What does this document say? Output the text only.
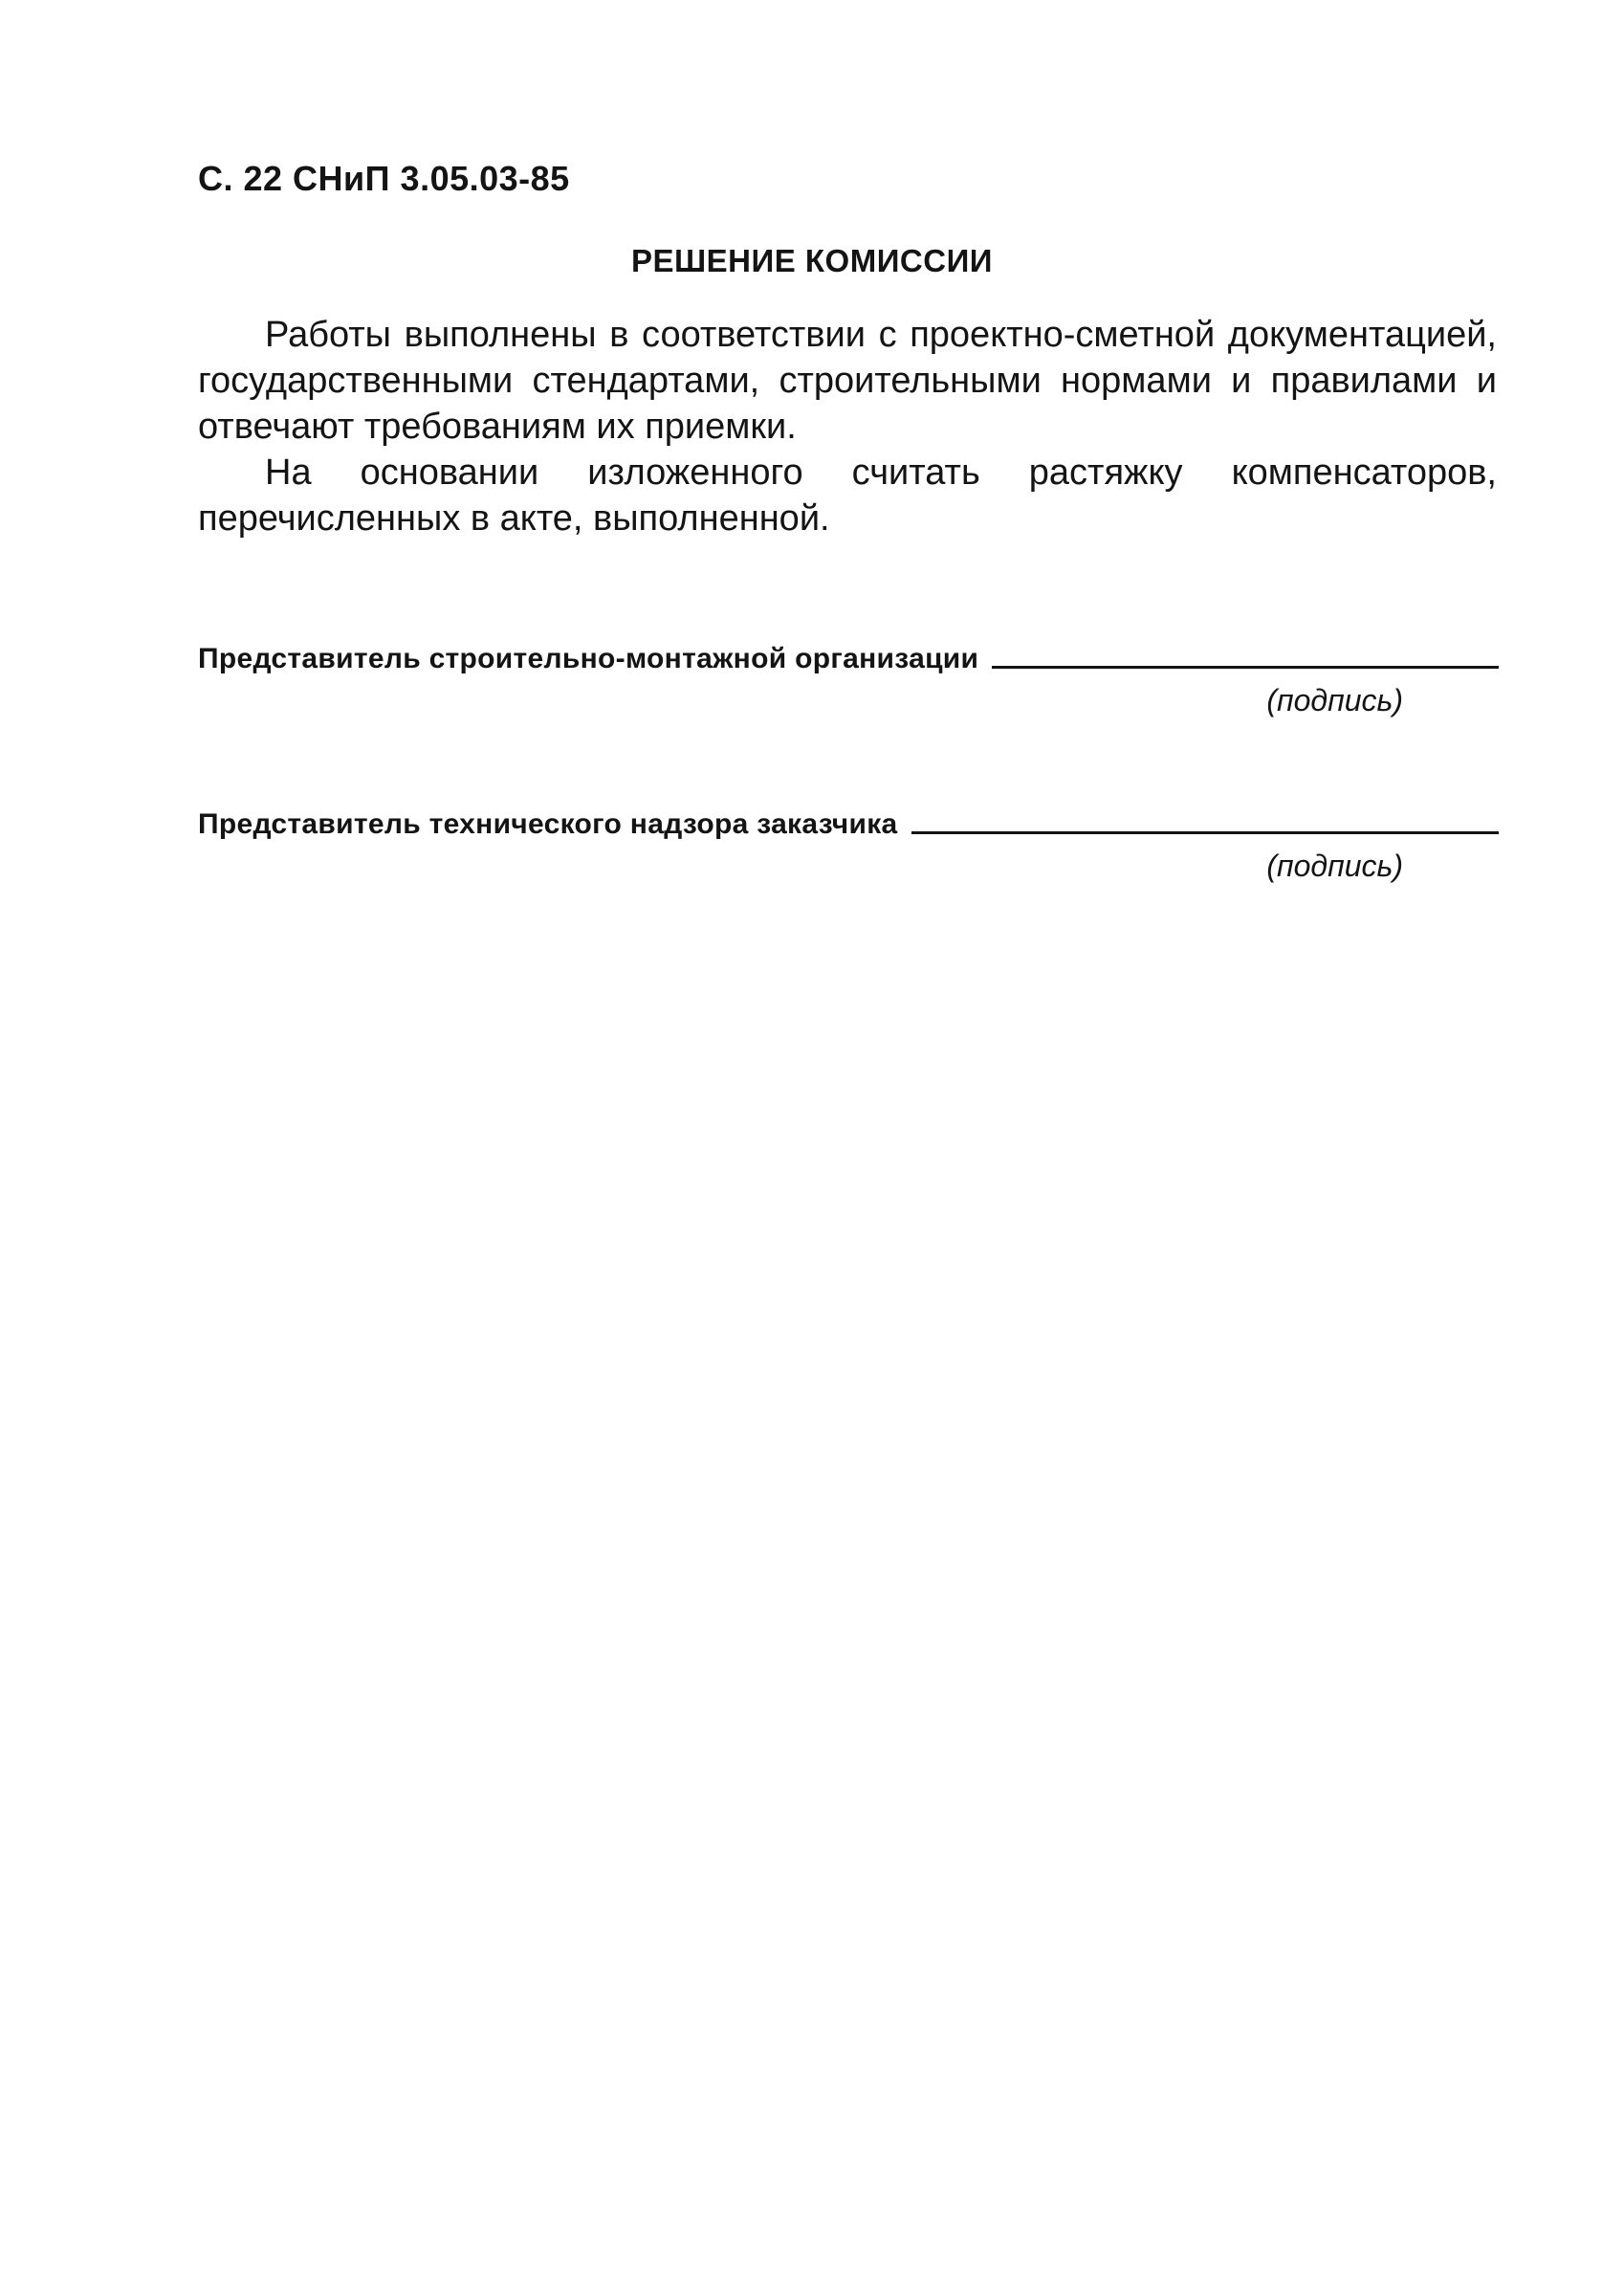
С. 22 СНиП 3.05.03-85
РЕШЕНИЕ КОМИССИИ

Работы выполнены в соответствии с проектно-сметной документацией, государственными стендартами, строительными нормами и правилами и отвечают требованиям их приемки.

На основании изложенного считать растяжку компенсаторов, перечисленных в акте, выполненной.

Представитель строительно-монтажной организации
(подпись)
Представитель технического надзора заказчика
(подпись)
